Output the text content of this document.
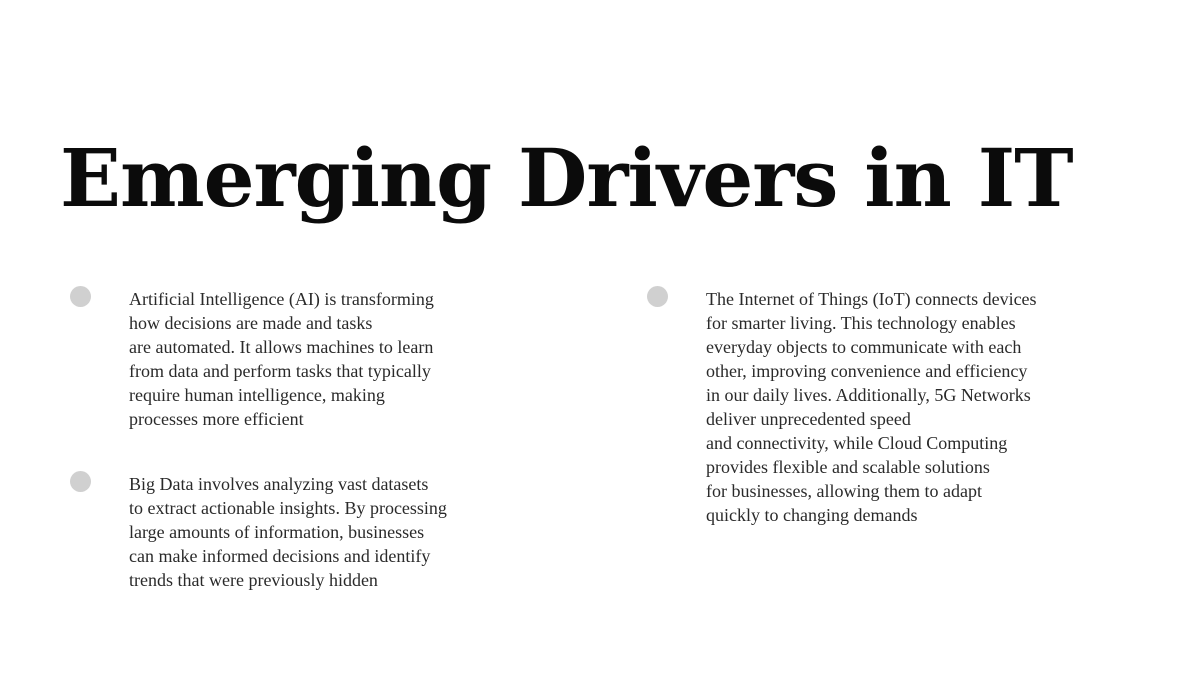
Emerging Drivers in IT
Artificial Intelligence (AI) is transforming
how decisions are made and tasks
are automated. It allows machines to learn
from data and perform tasks that typically
require human intelligence, making
processes more efficient
Big Data involves analyzing vast datasets
to extract actionable insights. By processing
large amounts of information, businesses
can make informed decisions and identify
trends that were previously hidden
The Internet of Things (IoT) connects devices
for smarter living. This technology enables
everyday objects to communicate with each
other, improving convenience and efficiency
in our daily lives. Additionally, 5G Networks
deliver unprecedented speed
and connectivity, while Cloud Computing
provides flexible and scalable solutions
for businesses, allowing them to adapt
quickly to changing demands
